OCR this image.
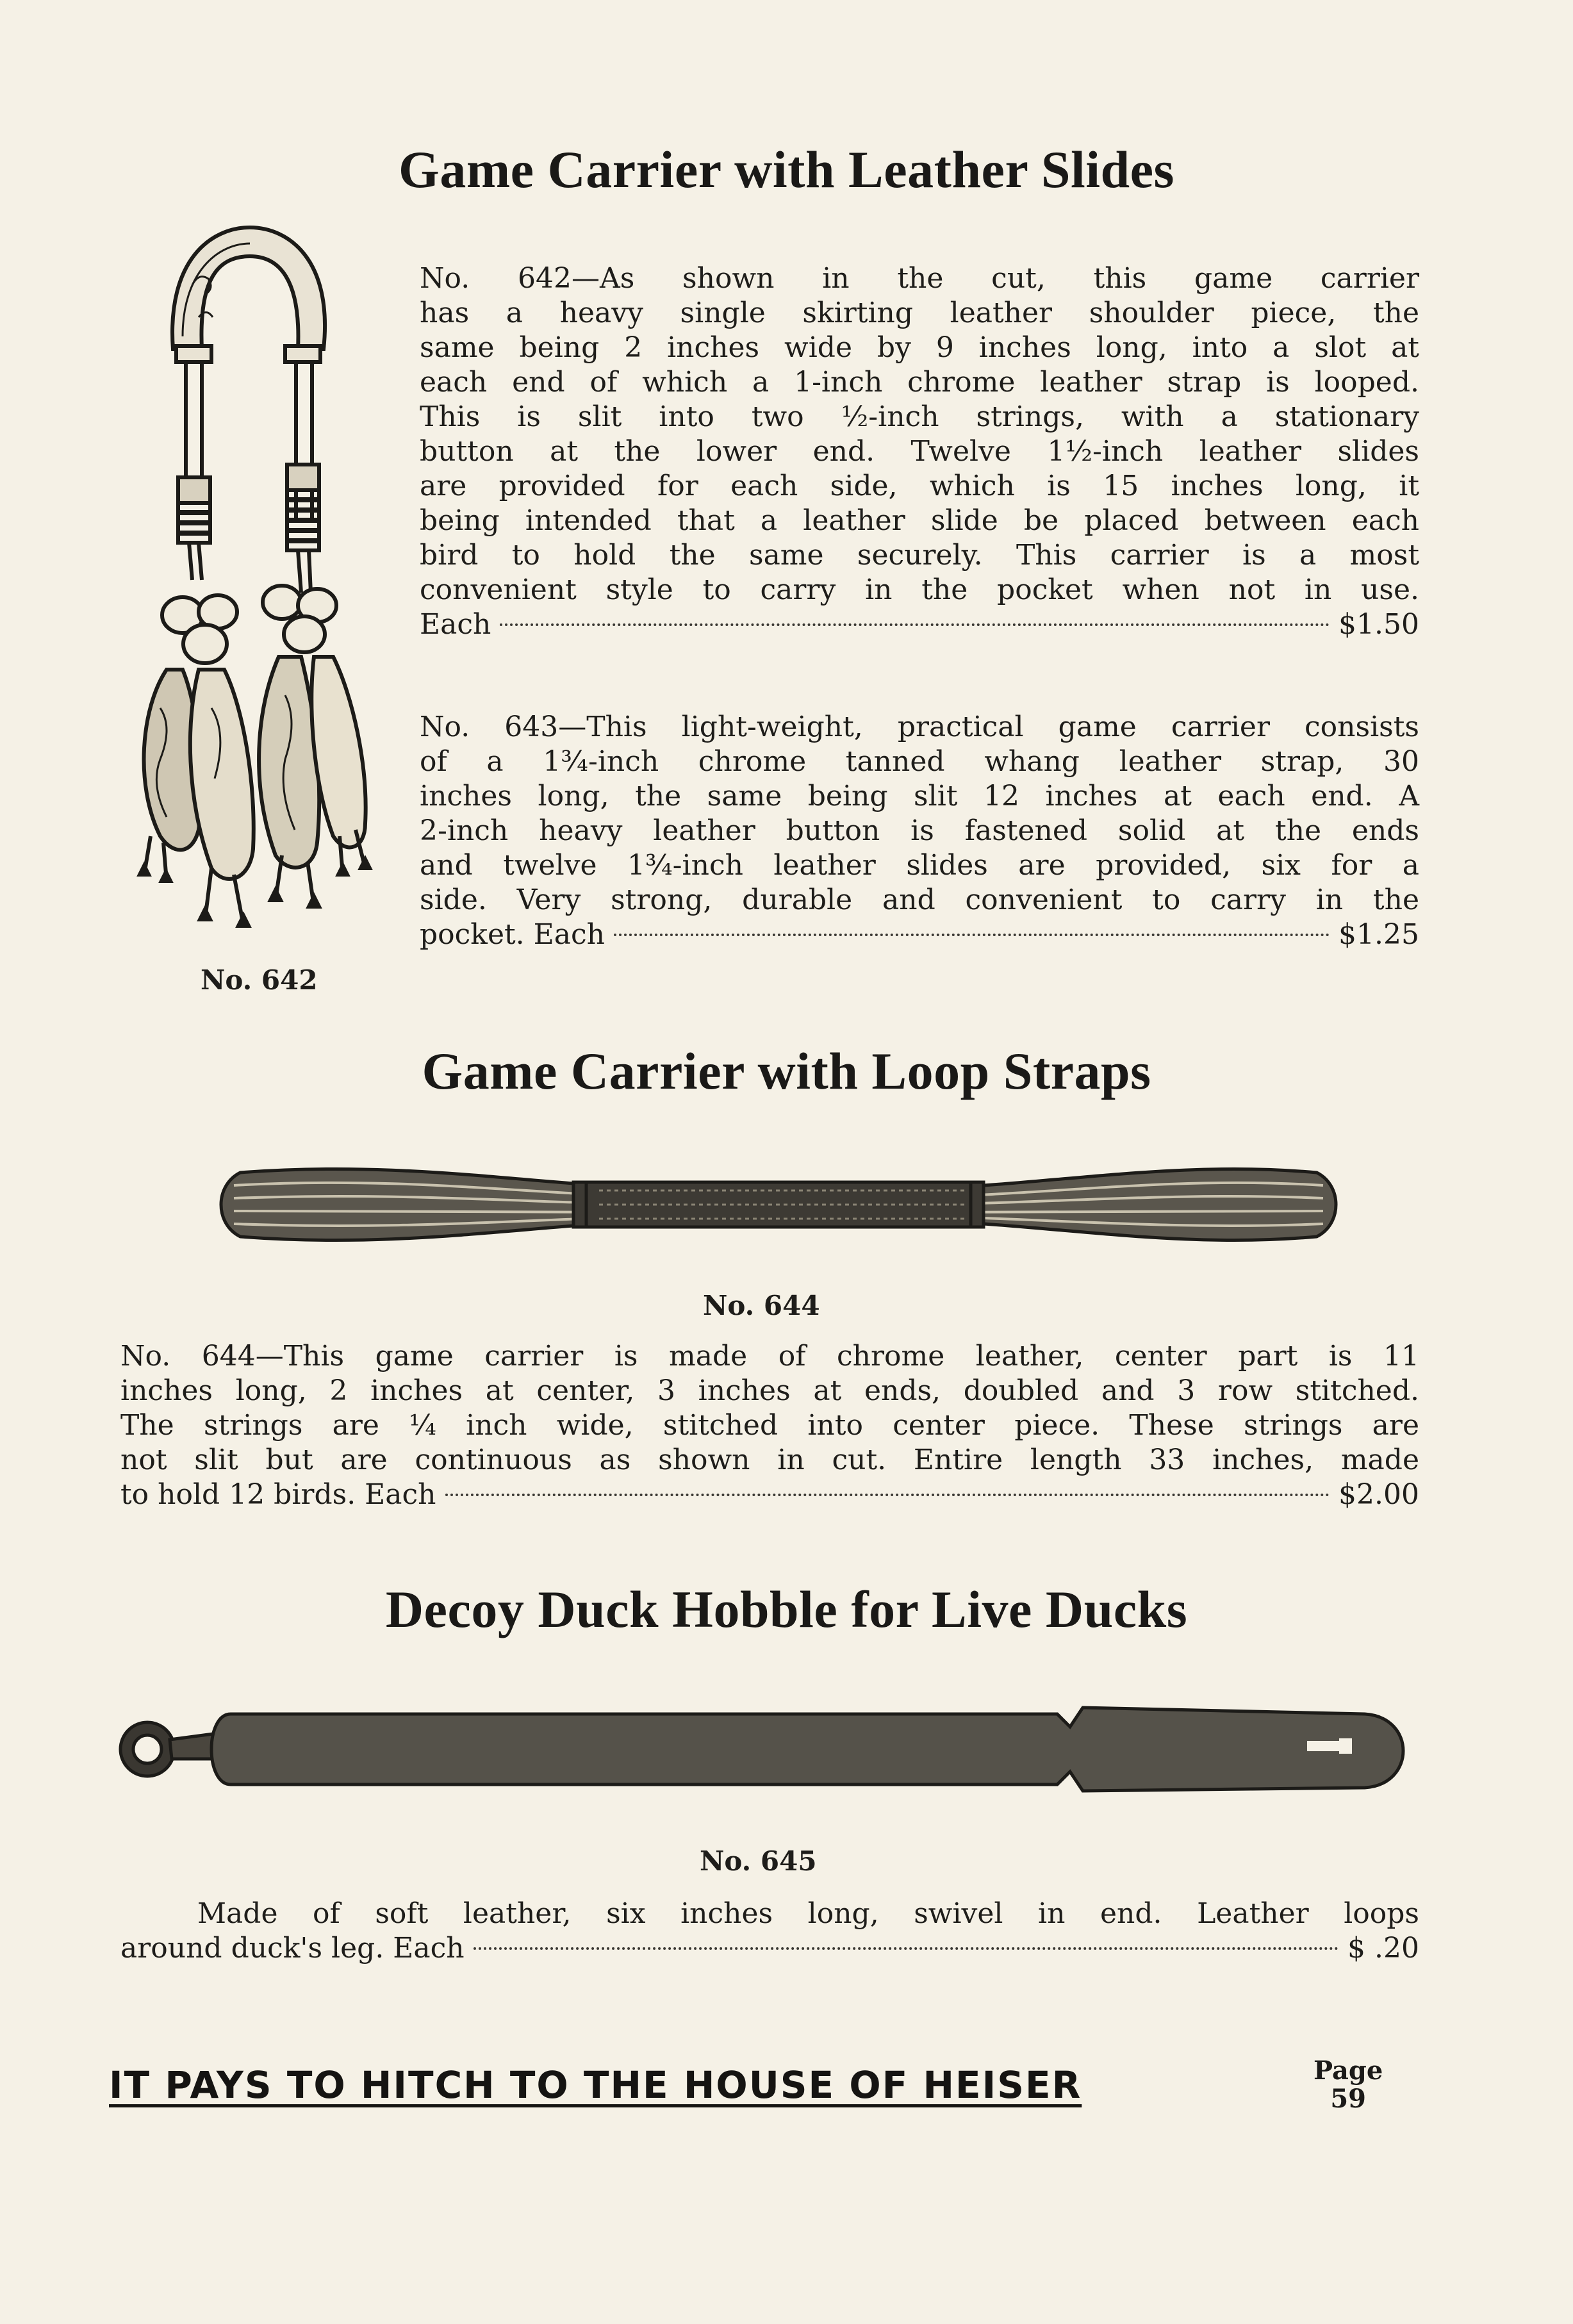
Game Carrier with Leather Slides
No. 642
No. 642—As shown in the cut, this game carrier
has a heavy single skirting leather shoulder piece, the
same being 2 inches wide by 9 inches long, into a slot at
each end of which a 1-inch chrome leather strap is looped.
This is slit into two ½-inch strings, with a stationary
button at the lower end. Twelve 1½-inch leather slides
are provided for each side, which is 15 inches long, it
being intended that a leather slide be placed between each
bird to hold the same securely. This carrier is a most
convenient style to carry in the pocket when not in use.
Each	$1.50
No. 643—This light-weight, practical game carrier consists
of a 1¾-inch chrome tanned whang leather strap, 30
inches long, the same being slit 12 inches at each end. A
2-inch heavy leather button is fastened solid at the ends
and twelve 1¾-inch leather slides are provided, six for a
side. Very strong, durable and convenient to carry in the
pocket. Each	$1.25
Game Carrier with Loop Straps
No. 644
No. 644—This game carrier is made of chrome leather, center part is 11
inches long, 2 inches at center, 3 inches at ends, doubled and 3 row stitched.
The strings are ¼ inch wide, stitched into center piece. These strings are
not slit but are continuous as shown in cut. Entire length 33 inches, made
to hold 12 birds. Each	$2.00
Decoy Duck Hobble for Live Ducks
No. 645
Made of soft leather, six inches long, swivel in end. Leather loops
around duck's leg. Each	$ .20
IT PAYS TO HITCH TO THE HOUSE OF HEISER	Page
59
